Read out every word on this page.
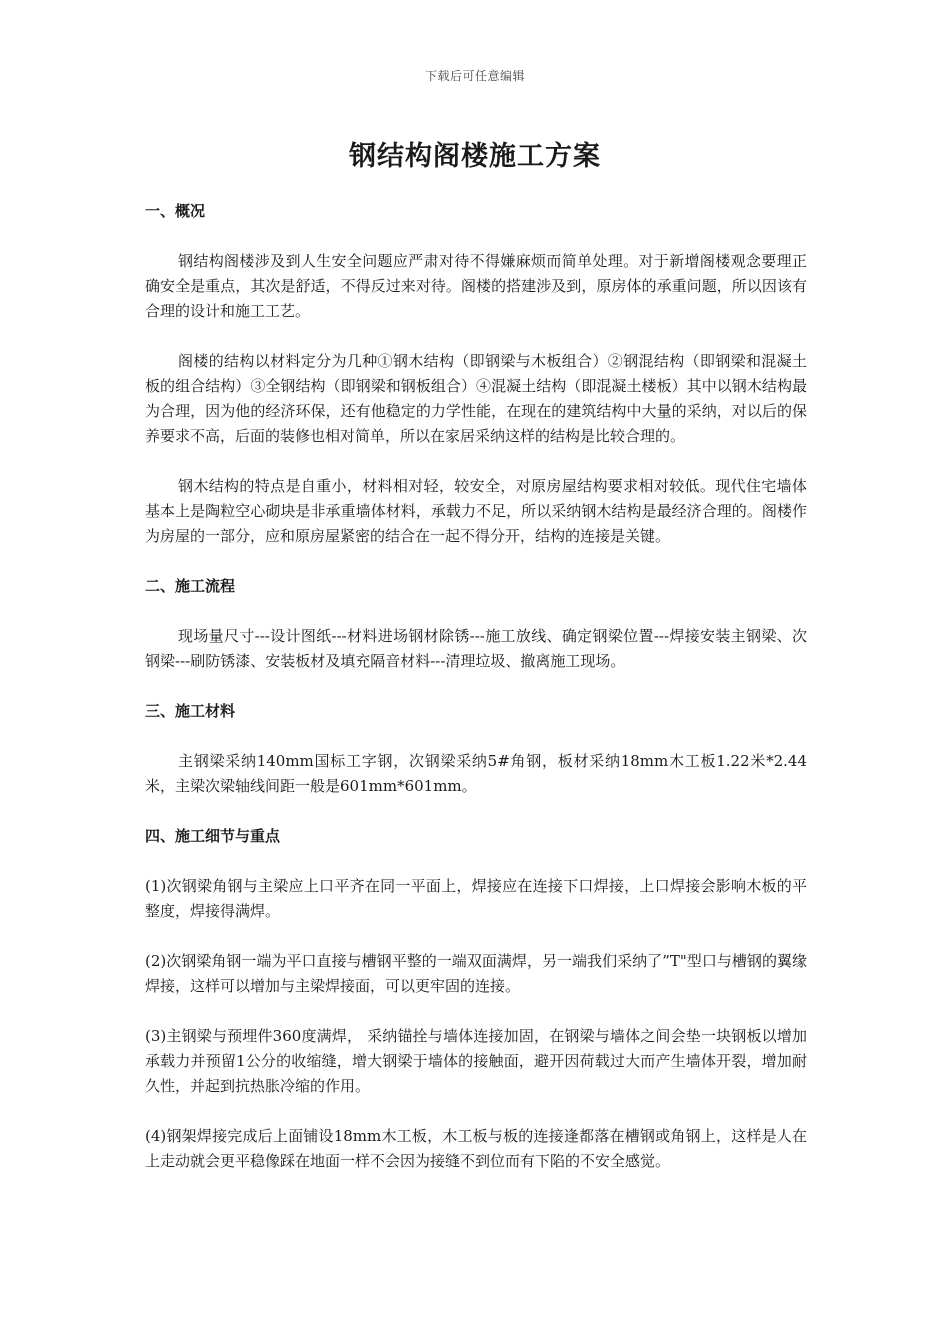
下载后可任意编辑
钢结构阁楼施工方案

一、概况

钢结构阁楼涉及到人生安全问题应严肃对待不得嫌麻烦而简单处理。对于新增阁楼观念要理正确安全是重点，其次是舒适，不得反过来对待。阁楼的搭建涉及到，原房体的承重问题，所以因该有合理的设计和施工工艺。

阁楼的结构以材料定分为几种①钢木结构（即钢梁与木板组合）②钢混结构（即钢梁和混凝土板的组合结构）③全钢结构（即钢梁和钢板组合）④混凝土结构（即混凝土楼板）其中以钢木结构最为合理，因为他的经济环保，还有他稳定的力学性能，在现在的建筑结构中大量的采纳，对以后的保养要求不高，后面的装修也相对简单，所以在家居采纳这样的结构是比较合理的。

钢木结构的特点是自重小，材料相对轻，较安全，对原房屋结构要求相对较低。现代住宅墙体基本上是陶粒空心砌块是非承重墙体材料，承载力不足，所以采纳钢木结构是最经济合理的。阁楼作为房屋的一部分，应和原房屋紧密的结合在一起不得分开，结构的连接是关键。

二、施工流程

现场量尺寸---设计图纸---材料进场钢材除锈---施工放线、确定钢梁位置---焊接安装主钢梁、次钢梁---刷防锈漆、安装板材及填充隔音材料---清理垃圾、撤离施工现场。

三、施工材料

主钢梁采纳140mm国标工字钢，次钢梁采纳5#角钢，板材采纳18mm木工板1.22米*2.44米，主梁次梁轴线间距一般是601mm*601mm。

四、施工细节与重点

(1)次钢梁角钢与主梁应上口平齐在同一平面上，焊接应在连接下口焊接，上口焊接会影响木板的平整度，焊接得满焊。

(2)次钢梁角钢一端为平口直接与槽钢平整的一端双面满焊，另一端我们采纳了”T"型口与槽钢的翼缘焊接，这样可以增加与主梁焊接面，可以更牢固的连接。

(3)主钢梁与预埋件360度满焊， 采纳锚拴与墙体连接加固，在钢梁与墙体之间会垫一块钢板以增加承载力并预留1公分的收缩缝，增大钢梁于墙体的接触面，避开因荷载过大而产生墙体开裂，增加耐久性，并起到抗热胀冷缩的作用。

(4)钢架焊接完成后上面铺设18mm木工板，木工板与板的连接逢都落在槽钢或角钢上，这样是人在上走动就会更平稳像踩在地面一样不会因为接缝不到位而有下陷的不安全感觉。
